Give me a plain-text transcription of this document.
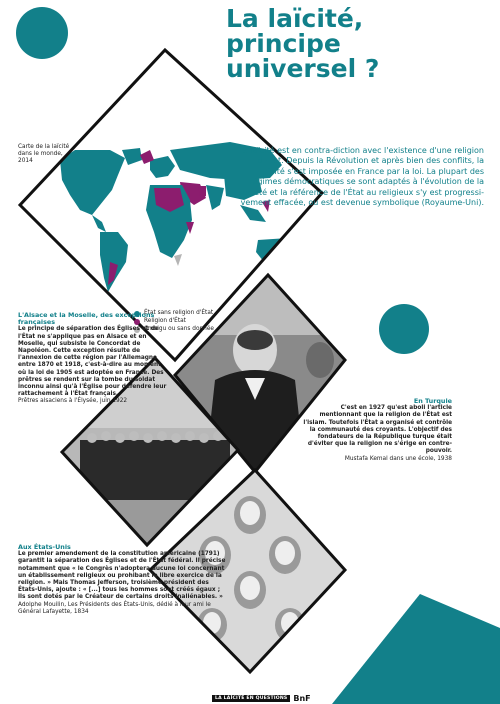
La laïcité,
principe
universel ?
La laïcité est en contra-diction avec l'existence d'une religion d'État. Depuis la Révolution et après bien des conflits, la laïcité s'est imposée en France par la loi. La plupart des régimes démocratiques se sont adaptés à l'évolution de la société et la référence de l'État au religieux s'y est progressi-vement effacée, ou est devenue symbolique (Royaume-Uni).
Carte de la laïcité dans le monde, 2014
État sans religion d'État
Religion d'État
Ambigu ou sans donnée
L'Alsace et la Moselle, des exceptions françaises
Le principe de séparation des Églises et de l'État ne s'applique pas en Alsace et en Moselle, qui subsiste le Concordat de Napoléon. Cette exception résulte de l'annexion de cette région par l'Allemagne entre 1870 et 1918, c'est-à-dire au moment où la loi de 1905 est adoptée en France. Des prêtres se rendent sur la tombe du soldat inconnu ainsi qu'à l'Église pour défendre leur rattachement à l'État français.
Prêtres alsaciens à l'Élysée, juin 1922	En Turquie
C'est en 1927 qu'est aboli l'article mentionnant que la religion de l'État est l'islam. Toutefois l'État a organisé et contrôle la communauté des croyants. L'objectif des fondateurs de la République turque était d'éviter que la religion ne s'érige en contre-pouvoir.
Mustafa Kemal dans une école, 1938
Aux États-Unis
Le premier amendement de la constitution américaine (1791) garantit la séparation des Églises et de l'État fédéral. Il précise notamment que « le Congrès n'adoptera aucune loi concernant un établissement religieux ou prohibant le libre exercice de la religion. » Mais Thomas Jefferson, troisième président des États-Unis, ajoute : « [...] tous les hommes sont créés égaux ; ils sont dotés par le Créateur de certains droits inaliénables. »
Adolphe Mouilin, Les Présidents des États-Unis, dédié à leur ami le Général Lafayette, 1834
LA LAÏCITÉ EN QUESTIONS BnF
